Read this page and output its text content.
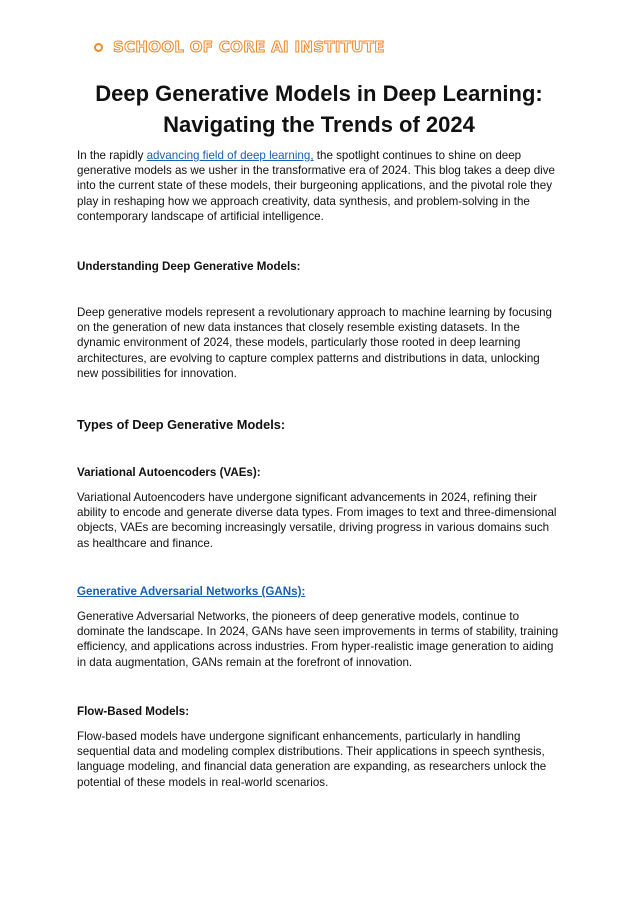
SCHOOL OF CORE AI INSTITUTE
Deep Generative Models in Deep Learning:
Navigating the Trends of 2024

In the rapidly advancing field of deep learning, the spotlight continues to shine on deep generative models as we usher in the transformative era of 2024. This blog takes a deep dive into the current state of these models, their burgeoning applications, and the pivotal role they play in reshaping how we approach creativity, data synthesis, and problem-solving in the contemporary landscape of artificial intelligence.

Understanding Deep Generative Models:

Deep generative models represent a revolutionary approach to machine learning by focusing on the generation of new data instances that closely resemble existing datasets. In the dynamic environment of 2024, these models, particularly those rooted in deep learning architectures, are evolving to capture complex patterns and distributions in data, unlocking new possibilities for innovation.

Types of Deep Generative Models:

Variational Autoencoders (VAEs):

Variational Autoencoders have undergone significant advancements in 2024, refining their ability to encode and generate diverse data types. From images to text and three-dimensional objects, VAEs are becoming increasingly versatile, driving progress in various domains such as healthcare and finance.

Generative Adversarial Networks (GANs):

Generative Adversarial Networks, the pioneers of deep generative models, continue to dominate the landscape. In 2024, GANs have seen improvements in terms of stability, training efficiency, and applications across industries. From hyper-realistic image generation to aiding in data augmentation, GANs remain at the forefront of innovation.

Flow-Based Models:

Flow-based models have undergone significant enhancements, particularly in handling sequential data and modeling complex distributions. Their applications in speech synthesis, language modeling, and financial data generation are expanding, as researchers unlock the potential of these models in real-world scenarios.
